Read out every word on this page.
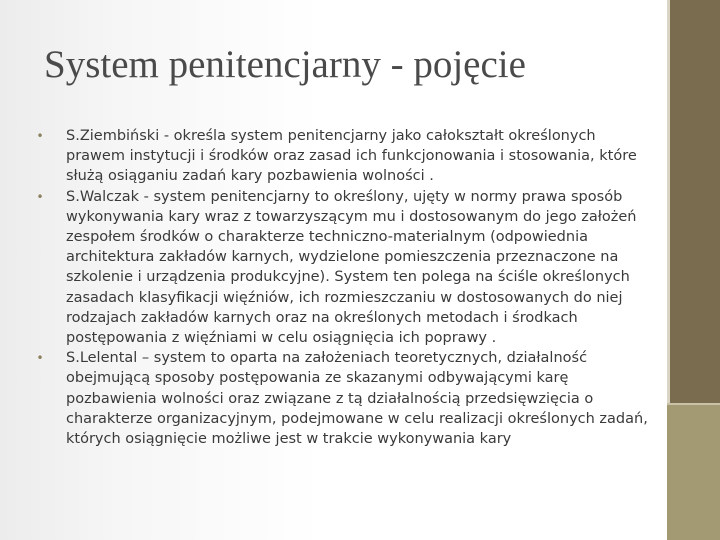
System penitencjarny - pojęcie
• S.Ziembiński - określa system penitencjarny jako całokształt określonych prawem instytucji i środków oraz zasad ich funkcjonowania i stosowania, które służą osiąganiu zadań kary pozbawienia wolności .
• S.Walczak - system penitencjarny to określony, ujęty w normy prawa sposób wykonywania kary wraz z towarzyszącym mu i dostosowanym do jego założeń zespołem środków o charakterze techniczno-materialnym (odpowiednia architektura zakładów karnych, wydzielone pomieszczenia przeznaczone na szkolenie i urządzenia produkcyjne). System ten polega na ściśle określonych zasadach klasyfikacji więźniów, ich rozmieszczaniu w dostosowanych do niej rodzajach zakładów karnych oraz na określonych metodach i środkach postępowania z więźniami w celu osiągnięcia ich poprawy .
• S.Lelental – system to oparta na założeniach teoretycznych, działalność obejmującą sposoby postępowania ze skazanymi odbywającymi karę pozbawienia wolności oraz związane z tą działalnością przedsięwzięcia o charakterze organizacyjnym, podejmowane w celu realizacji określonych zadań, których osiągnięcie możliwe jest w trakcie wykonywania kary
